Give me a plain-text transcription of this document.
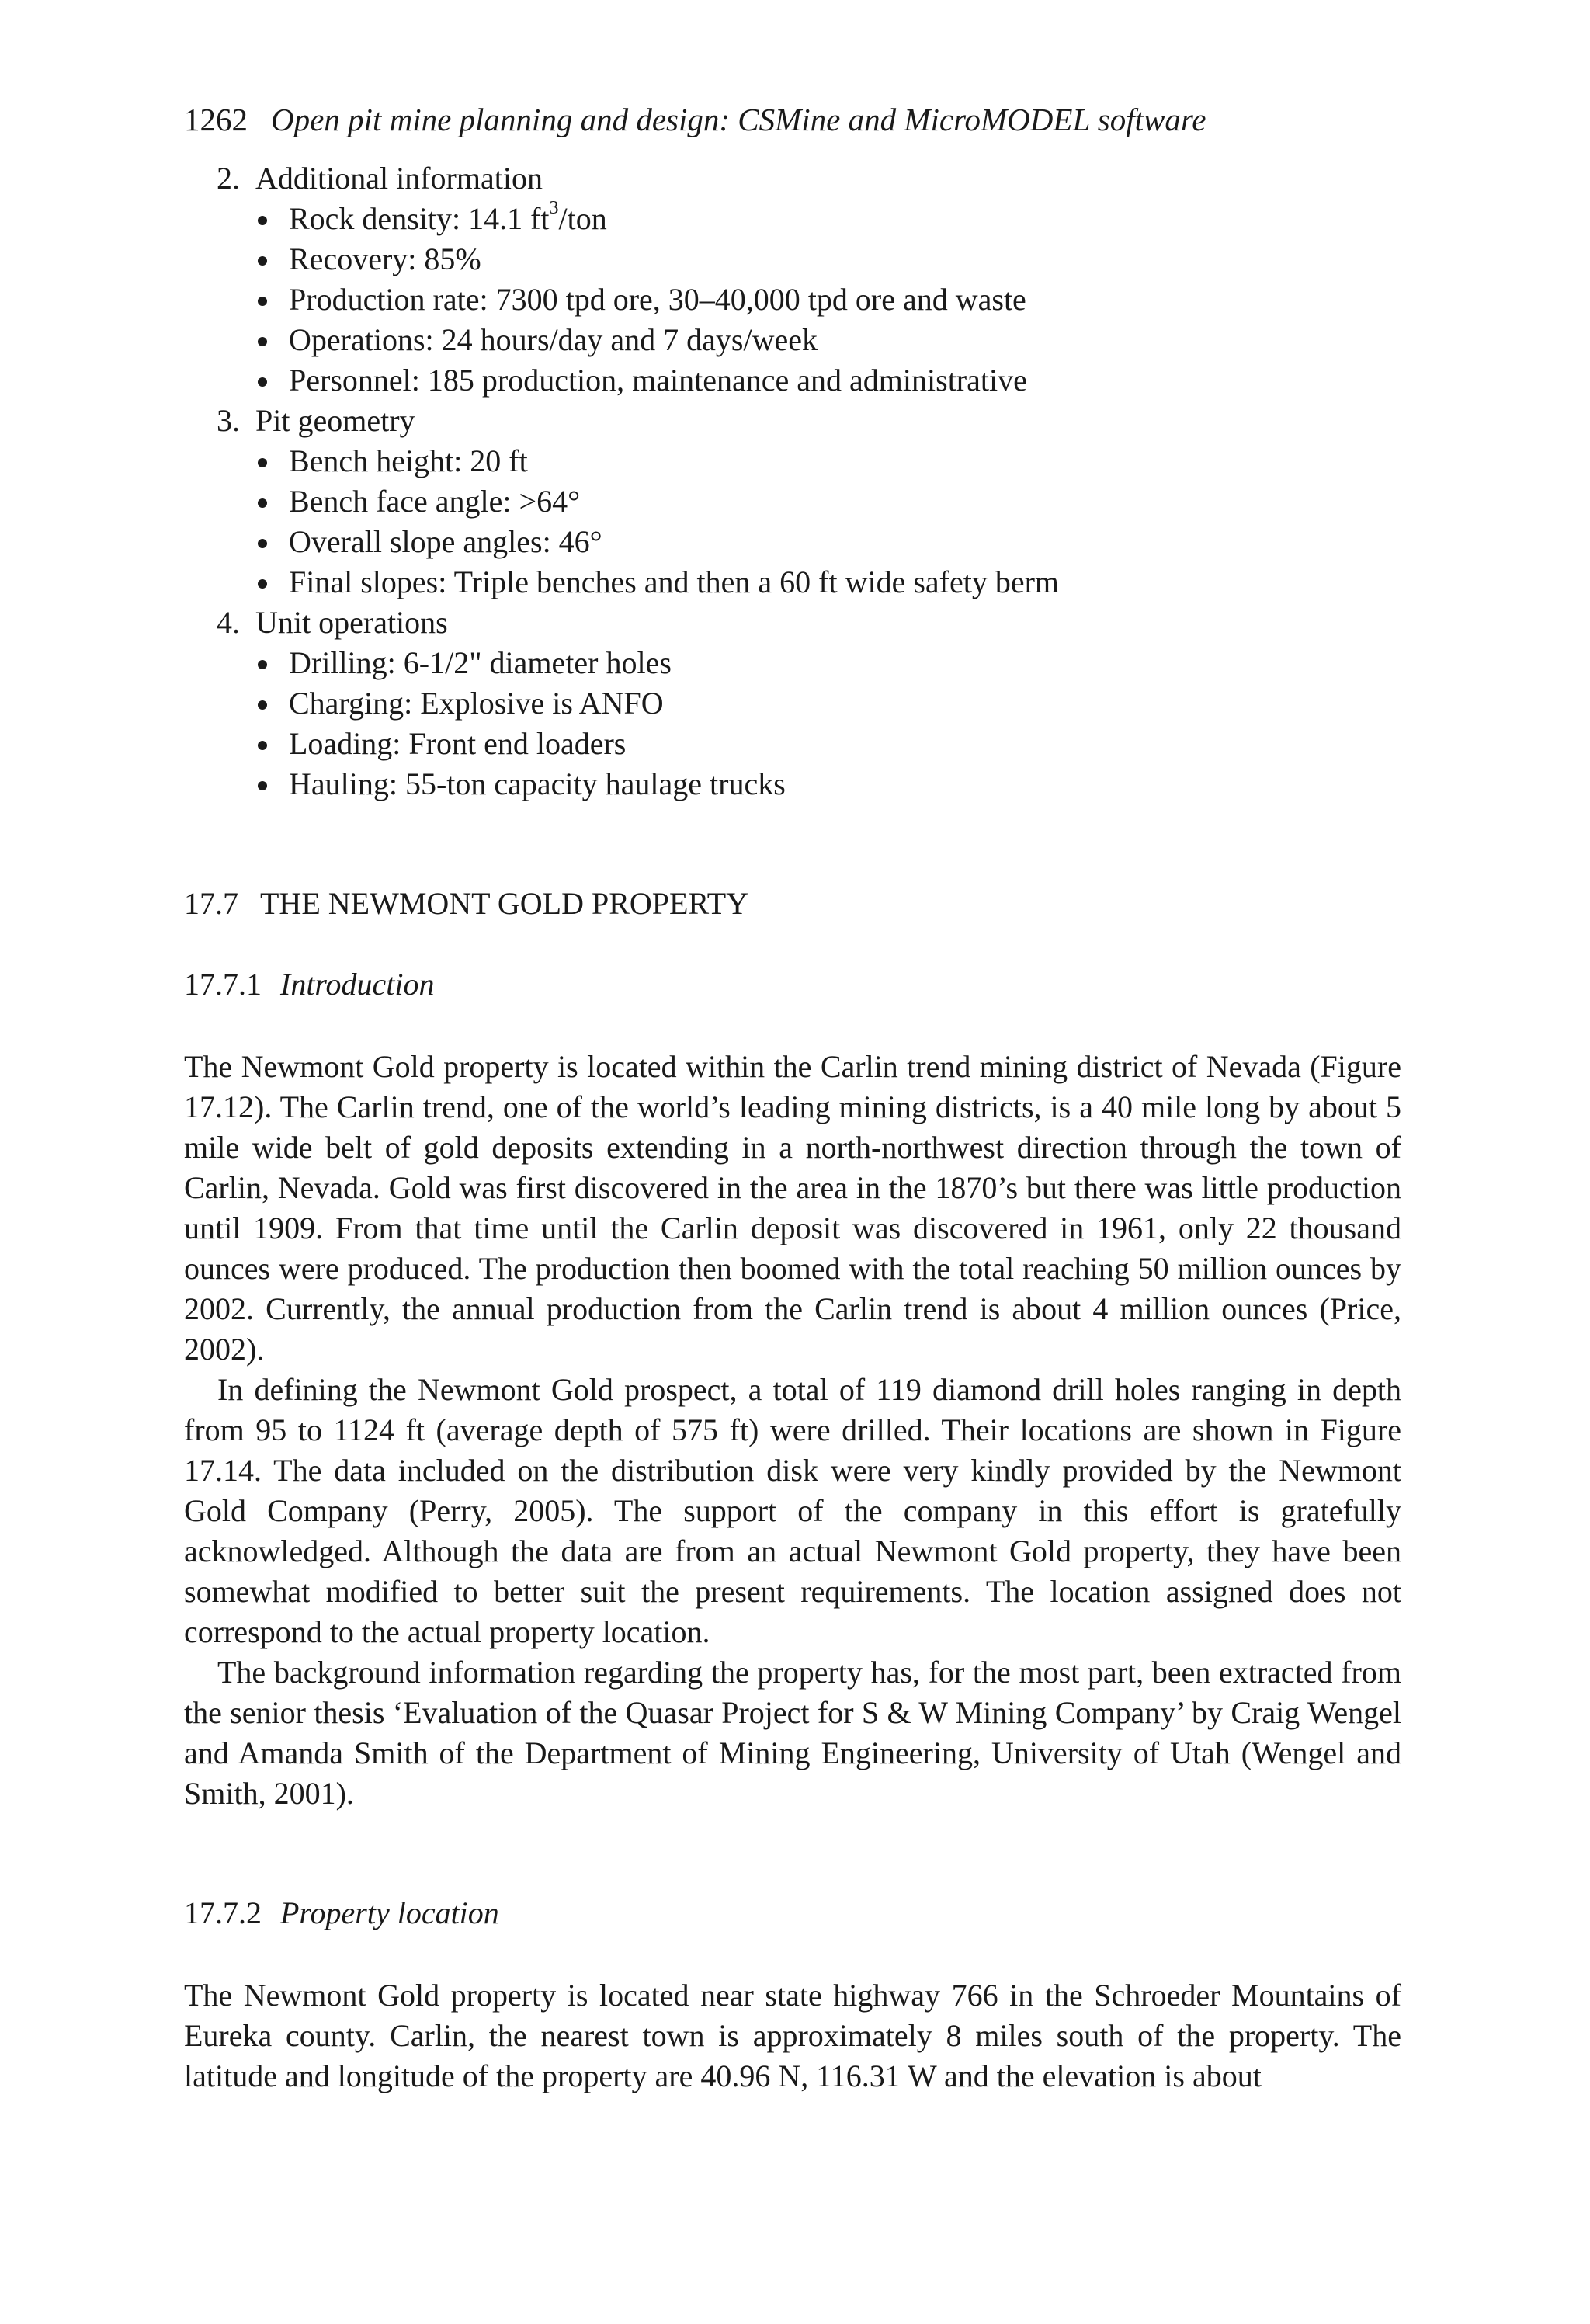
1262 Open pit mine planning and design: CSMine and MicroMODEL software
2. Additional information
Rock density: 14.1 $ft^3$/ton
Recovery: 85%
Production rate: 7300 tpd ore, 30–40,000 tpd ore and waste
Operations: 24 hours/day and 7 days/week
Personnel: 185 production, maintenance and administrative
3. Pit geometry
Bench height: 20 ft
Bench face angle: >64°
Overall slope angles: 46°
Final slopes: Triple benches and then a 60 ft wide safety berm
4. Unit operations
Drilling: 6-1/2" diameter holes
Charging: Explosive is ANFO
Loading: Front end loaders
Hauling: 55-ton capacity haulage trucks
17.7 THE NEWMONT GOLD PROPERTY
17.7.1 Introduction

The Newmont Gold property is located within the Carlin trend mining district of Nevada (Figure 17.12). The Carlin trend, one of the world’s leading mining districts, is a 40 mile long by about 5 mile wide belt of gold deposits extending in a north-northwest direction through the town of Carlin, Nevada. Gold was first discovered in the area in the 1870’s but there was little production until 1909. From that time until the Carlin deposit was discovered in 1961, only 22 thousand ounces were produced. The production then boomed with the total reaching 50 million ounces by 2002. Currently, the annual production from the Carlin trend is about 4 million ounces (Price, 2002).

In defining the Newmont Gold prospect, a total of 119 diamond drill holes ranging in depth from 95 to 1124 ft (average depth of 575 ft) were drilled. Their locations are shown in Figure 17.14. The data included on the distribution disk were very kindly provided by the Newmont Gold Company (Perry, 2005). The support of the company in this effort is gratefully acknowledged. Although the data are from an actual Newmont Gold property, they have been somewhat modified to better suit the present requirements. The location assigned does not correspond to the actual property location.

The background information regarding the property has, for the most part, been extracted from the senior thesis ‘Evaluation of the Quasar Project for S & W Mining Company’ by Craig Wengel and Amanda Smith of the Department of Mining Engineering, University of Utah (Wengel and Smith, 2001).

17.7.2 Property location

The Newmont Gold property is located near state highway 766 in the Schroeder Mountains of Eureka county. Carlin, the nearest town is approximately 8 miles south of the property. The latitude and longitude of the property are 40.96 N, 116.31 W and the elevation is about
